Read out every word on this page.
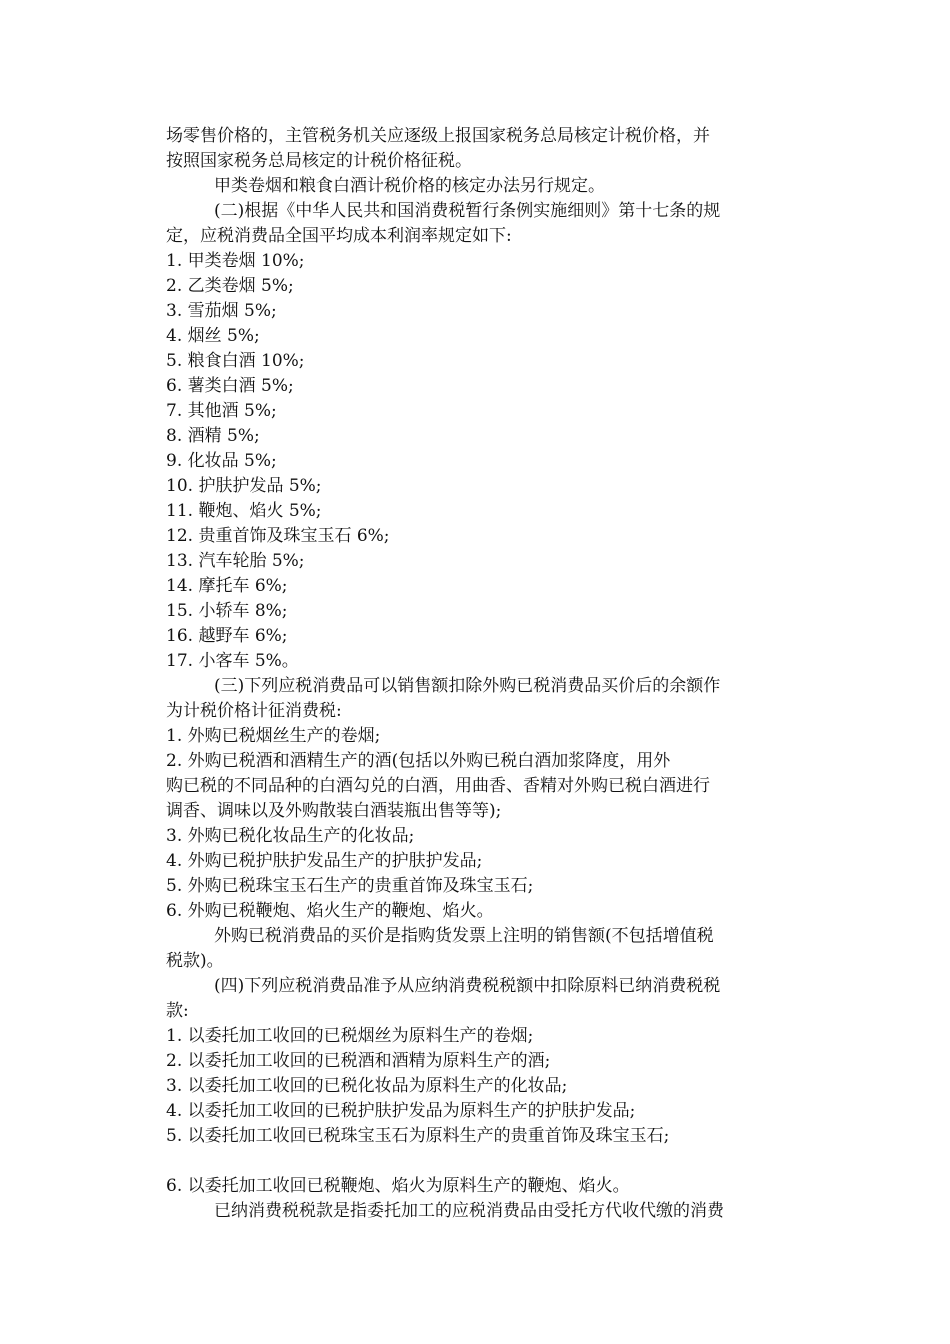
场零售价格的，主管税务机关应逐级上报国家税务总局核定计税价格，并

按照国家税务总局核定的计税价格征税。

甲类卷烟和粮食白酒计税价格的核定办法另行规定。

(二)根据《中华人民共和国消费税暂行条例实施细则》第十七条的规

定，应税消费品全国平均成本利润率规定如下:

1. 甲类卷烟 10%;

2. 乙类卷烟 5%;

3. 雪茄烟 5%;

4. 烟丝 5%;

5. 粮食白酒 10%;

6. 薯类白酒 5%;

7. 其他酒 5%;

8. 酒精 5%;

9. 化妆品 5%;

10. 护肤护发品 5%;

11. 鞭炮、焰火 5%;

12. 贵重首饰及珠宝玉石 6%;

13. 汽车轮胎 5%;

14. 摩托车 6%;

15. 小轿车 8%;

16. 越野车 6%;

17. 小客车 5%。

(三)下列应税消费品可以销售额扣除外购已税消费品买价后的余额作

为计税价格计征消费税:

1. 外购已税烟丝生产的卷烟;

2. 外购已税酒和酒精生产的酒(包括以外购已税白酒加浆降度，用外

购已税的不同品种的白酒勾兑的白酒，用曲香、香精对外购已税白酒进行

调香、调味以及外购散装白酒装瓶出售等等);

3. 外购已税化妆品生产的化妆品;

4. 外购已税护肤护发品生产的护肤护发品;

5. 外购已税珠宝玉石生产的贵重首饰及珠宝玉石;

6. 外购已税鞭炮、焰火生产的鞭炮、焰火。

外购已税消费品的买价是指购货发票上注明的销售额(不包括增值税

税款)。

(四)下列应税消费品准予从应纳消费税税额中扣除原料已纳消费税税

款:

1. 以委托加工收回的已税烟丝为原料生产的卷烟;

2. 以委托加工收回的已税酒和酒精为原料生产的酒;

3. 以委托加工收回的已税化妆品为原料生产的化妆品;

4. 以委托加工收回的已税护肤护发品为原料生产的护肤护发品;

5. 以委托加工收回已税珠宝玉石为原料生产的贵重首饰及珠宝玉石;

6. 以委托加工收回已税鞭炮、焰火为原料生产的鞭炮、焰火。

已纳消费税税款是指委托加工的应税消费品由受托方代收代缴的消费
